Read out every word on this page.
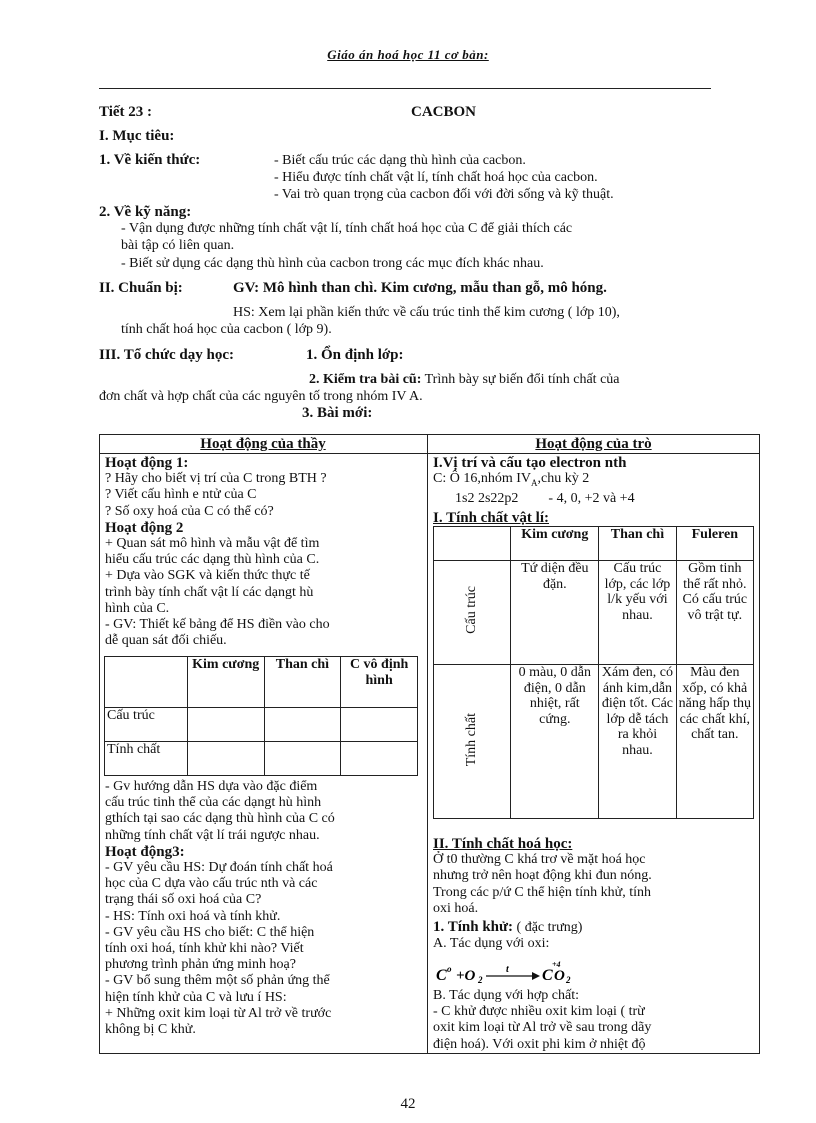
Giáo án hoá học 11 cơ bản:
Tiết 23 :	CACBON
I. Mục tiêu:
1. Về kiến thức:	- Biết cấu trúc các dạng thù hình của cacbon.
- Hiểu được tính chất vật lí, tính chất hoá học của cacbon.
- Vai trò quan trọng của cacbon đối với đời sống và kỹ thuật.
2. Về kỹ năng:
- Vận dụng được những tính chất vật lí, tính chất hoá học của C để giải thích các
bài tập có liên quan.
- Biết sử dụng các dạng thù hình của cacbon trong các mục đích khác nhau.
II. Chuẩn bị:	GV: Mô hình than chì. Kim cương, mẫu than gỗ, mô hóng.
HS: Xem lại phần kiến thức về cấu trúc tinh thể kim cương ( lớp 10),
tính chất hoá học của cacbon ( lớp 9).
III. Tổ chức dạy học:	1. Ổn định lớp:
2. Kiểm tra bài cũ: Trình bày sự biến đổi tính chất của
đơn chất và hợp chất của các nguyên tố trong nhóm IV A.
3. Bài mới:
Hoạt động của thầy	Hoạt động của trò
Hoạt động 1:
? Hãy cho biết vị trí của C trong BTH ?
? Viết cấu hình e ntử của C
? Số oxy hoá của C có thể có?
Hoạt động 2
+ Quan sát mô hình và mẫu vật để tìm
hiểu cấu trúc các dạng thù hình của C.
+ Dựa vào SGK và kiến thức thực tế
trình bày tính chất vật lí các dạngt hù
hình của C.
- GV: Thiết kế bảng để HS điền vào cho
dễ quan sát đối chiếu.
	Kim cương	Than chì	C vô định hình
Cấu trúc			
Tính chất			
- Gv hướng dẫn HS dựa vào đặc điểm
cấu trúc tinh thể của các dạngt hù hình
gthích tại sao các dạng thù hình của C có
những tính chất vật lí trái ngược nhau.
Hoạt động3:
- GV yêu cầu HS: Dự đoán tính chất hoá
học của C dựa vào cấu trúc nth và các
trạng thái số oxi hoá của C?
- HS: Tính oxi hoá và tính khử.
- GV yêu cầu HS cho biết: C thể hiện
tính oxi hoá, tính khử khi nào? Viết
phương trình phản ứng minh hoạ?
- GV bổ sung thêm một số phản ứng thể
hiện tính khử của C và lưu í HS:
+ Những oxit kim loại từ Al trở về trước
không bị C khử.
I.Vị trí và cấu tạo electron nth
C: Ô 16,nhóm $IV_A,chu$ kỳ 2
1s2 2s22p2 - 4, 0, +2 và +4
I. Tính chất vật lí:
	Kim cương	Than chì	Fuleren
Cấu trúc	Tứ diện đều đặn.	Cấu trúc lớp, các lớp l/k yếu với nhau.	Gồm tinh thể rất nhỏ. Có cấu trúc vô trật tự.
Tính chất	0 màu, 0 dẫn điện, 0 dẫn nhiệt, rất cứng.	Xám đen, có ánh kim,dẫn điện tốt. Các lớp dễ tách ra khỏi nhau.	Màu đen xốp, có khả năng hấp thụ các chất khí, chất tan.
II. Tính chất hoá học:
Ở t0 thường C khá trơ về mặt hoá học
nhưng trở nên hoạt động khi đun nóng.
Trong các p/ứ C thể hiện tính khử, tính
oxi hoá.
1. Tính khử: ( đặc trưng)
A. Tác dụng với oxi:
C o +O 2
t C
+4
O 2
B. Tác dụng với hợp chất:
- C khử được nhiều oxit kim loại ( trừ
oxit kim loại từ Al trở về sau trong dãy
điện hoá). Với oxit phi kim ở nhiệt độ
42
